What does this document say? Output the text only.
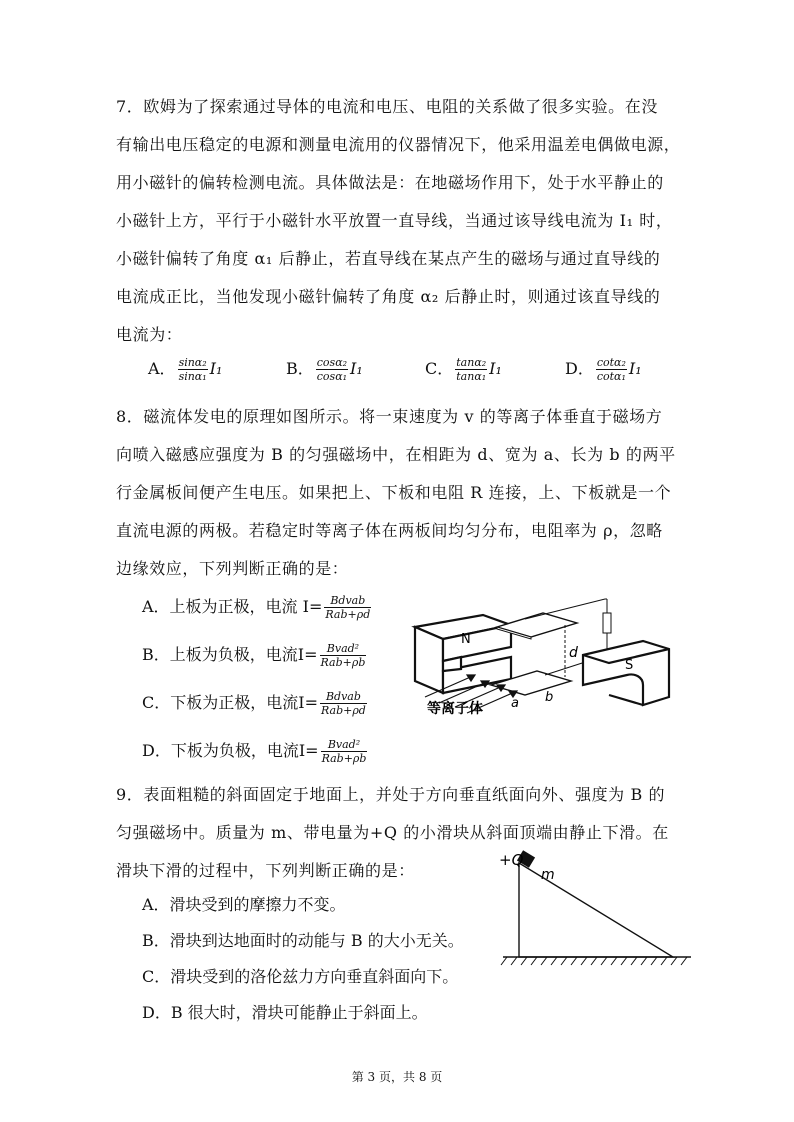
7．欧姆为了探索通过导体的电流和电压、电阻的关系做了很多实验。在没
有输出电压稳定的电源和测量电流用的仪器情况下，他采用温差电偶做电源，
用小磁针的偏转检测电流。具体做法是：在地磁场作用下，处于水平静止的
小磁针上方，平行于小磁针水平放置一直导线，当通过该导线电流为 I₁ 时，
小磁针偏转了角度 α₁ 后静止，若直导线在某点产生的磁场与通过直导线的
电流成正比，当他发现小磁针偏转了角度 α₂ 后静止时，则通过该直导线的
电流为：
A． $\frac{\text{sinα₂}}{\text{sinα₁}} I_1$	B． $\frac{\text{cosα₂}}{\text{cosα₁}} I_1$	C． $\frac{\text{tanα₂}}{\text{tanα₁}} I_1$	D． $\frac{\text{cotα₂}}{\text{cotα₁}} I_1$
8．磁流体发电的原理如图所示。将一束速度为 v 的等离子体垂直于磁场方
向喷入磁感应强度为 B 的匀强磁场中，在相距为 d、宽为 a、长为 b 的两平
行金属板间便产生电压。如果把上、下板和电阻 R 连接，上、下板就是一个
直流电源的两极。若稳定时等离子体在两板间均匀分布，电阻率为 ρ，忽略
边缘效应，下列判断正确的是：
A．上板为正极，电流 $I= \frac{\text{Bdvab}}{\text{Rab+ρd}}$
B．上板为负极，电流$I= \frac{\text{Bvad²}}{\text{Rab+ρb}}$
C．下板为正极，电流$I= \frac{\text{Bdvab}}{\text{Rab+ρd}}$
D．下板为负极，电流$I= \frac{\text{Bvad²}}{\text{Rab+ρb}}$
N
d
S
a b
等离子体
9．表面粗糙的斜面固定于地面上，并处于方向垂直纸面向外、强度为 B 的
匀强磁场中。质量为 m、带电量为+Q 的小滑块从斜面顶端由静止下滑。在
滑块下滑的过程中，下列判断正确的是：
A．滑块受到的摩擦力不变。
B．滑块到达地面时的动能与 B 的大小无关。
C．滑块受到的洛伦兹力方向垂直斜面向下。
D．B 很大时，滑块可能静止于斜面上。
+Q
m
第 3 页，共 8 页
